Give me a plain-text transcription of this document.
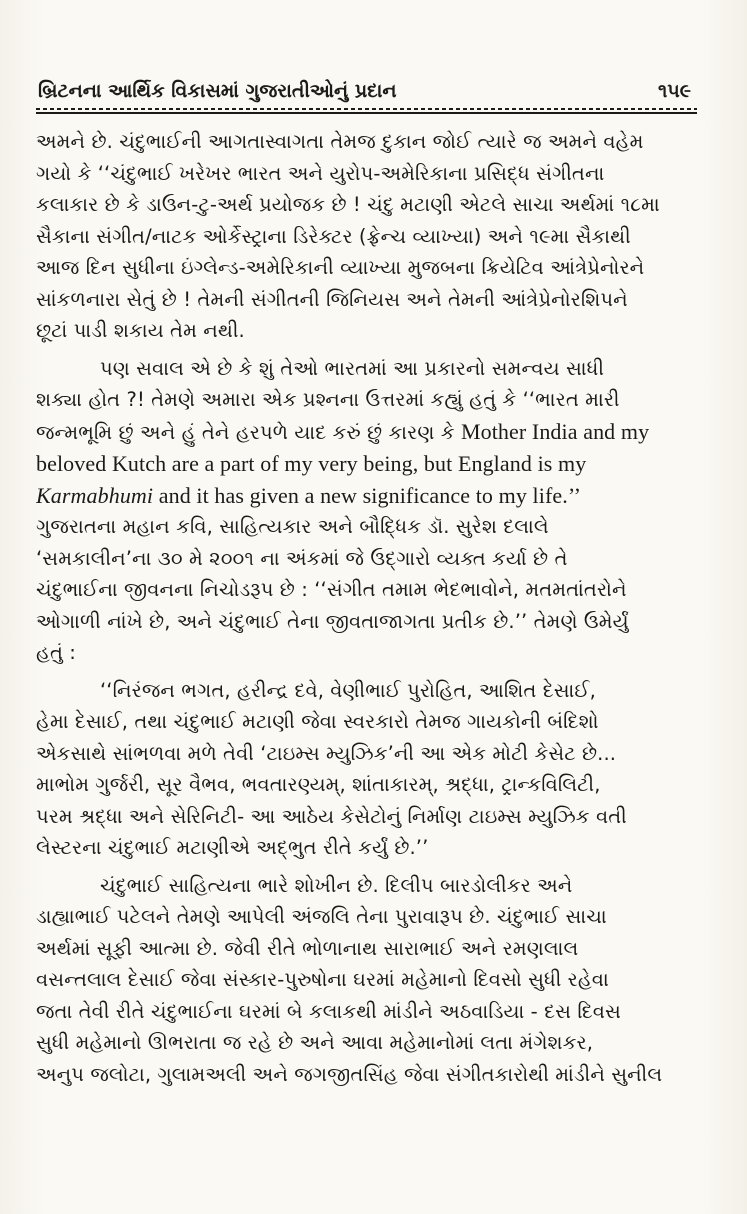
બ્રિટનના આર્થિક વિકાસમાં ગુજરાતીઓનું પ્રદાન	૧૫૯
અમને છે. ચંદુભાઈની આગતાસ્વાગતા તેમજ દુકાન જોઈ ત્યારે જ અમને વહેમ
ગયો કે ‘‘ચંદુભાઈ ખરેખર ભારત અને યુરોપ-અમેરિકાના પ્રસિદ્ધ સંગીતના
કલાકાર છે કે ડાઉન-ટુ-અર્થ પ્રયોજક છે ! ચંદુ મટાણી એટલે સાચા અર્થમાં ૧૮મા
સૈકાના સંગીત/નાટક ઓર્કેસ્ટ્રાના ડિરેક્ટર (ફ્રેન્ચ વ્યાખ્યા) અને ૧૯મા સૈકાથી
આજ દિન સુધીના ઇંગ્લેન્ડ-અમેરિકાની વ્યાખ્યા મુજબના ક્રિયેટિવ આંત્રેપ્રેનોરને
સાંકળનારા સેતું છે ! તેમની સંગીતની જિનિયસ અને તેમની આંત્રેપ્રેનોરશિપને
છૂટાં પાડી શકાય તેમ નથી.
પણ સવાલ એ છે કે શું તેઓ ભારતમાં આ પ્રકારનો સમન્વય સાધી
શક્યા હોત ?! તેમણે અમારા એક પ્રશ્નના ઉત્તરમાં કહ્યું હતું કે ‘‘ભારત મારી
જન્મભૂમિ છું અને હું તેને હરપળે યાદ કરું છું કારણ કે Mother India and my
beloved Kutch are a part of my very being, but England is my
Karmabhumi and it has given a new significance to my life.’’
ગુજરાતના મહાન કવિ, સાહિત્યકાર અને બૌદ્ધિક ડૉ. સુરેશ દલાલે
‘સમકાલીન’ના ૩૦ મે ૨૦૦૧ ના અંકમાં જે ઉદ્‌ગારો વ્યક્ત કર્યા છે તે
ચંદુભાઈના જીવનના નિચોડરૂપ છે : ‘‘સંગીત તમામ ભેદભાવોને, મતમતાંતરોને
ઓગાળી નાંખે છે, અને ચંદુભાઈ તેના જીવતાજાગતા પ્રતીક છે.’’ તેમણે ઉમેર્યું
હતું :
‘‘નિરંજન ભગત, હરીન્દ્ર દવે, વેણીભાઈ પુરોહિત, આશિત દેસાઈ,
હેમા દેસાઈ, તથા ચંદુભાઈ મટાણી જેવા સ્વરકારો તેમજ ગાયકોની બંદિશો
એકસાથે સાંભળવા મળે તેવી ‘ટાઇમ્સ મ્યુઝિક’ની આ એક મોટી કેસેટ છે...
માભોમ ગુર્જરી, સૂર વૈભવ, ભવતારણ્યમ્, શાંતાકારમ્, શ્રદ્ધા, ટ્રાન્કવિલિટી,
પરમ શ્રદ્ધા અને સેરિનિટી- આ આઠેય કેસેટોનું નિર્માણ ટાઇમ્સ મ્યુઝિક વતી
લેસ્ટરના ચંદુભાઈ મટાણીએ અદ્‌ભુત રીતે કર્યું છે.’’
ચંદુભાઈ સાહિત્યના ભારે શોખીન છે. દિલીપ બારડોલીકર અને
ડાહ્યાભાઈ પટેલને તેમણે આપેલી અંજલિ તેના પુરાવારૂપ છે. ચંદુભાઈ સાચા
અર્થમાં સૂફી આત્મા છે. જેવી રીતે ભોળાનાથ સારાભાઈ અને રમણલાલ
વસન્તલાલ દેસાઈ જેવા સંસ્કાર-પુરુષોના ઘરમાં મહેમાનો દિવસો સુધી રહેવા
જતા તેવી રીતે ચંદુભાઈના ઘરમાં બે કલાકથી માંડીને અઠવાડિયા - દસ દિવસ
સુધી મહેમાનો ઊભરાતા જ રહે છે અને આવા મહેમાનોમાં લતા મંગેશકર,
અનુપ જલોટા, ગુલામઅલી અને જગજીતસિંહ જેવા સંગીતકારોથી માંડીને સુનીલ
